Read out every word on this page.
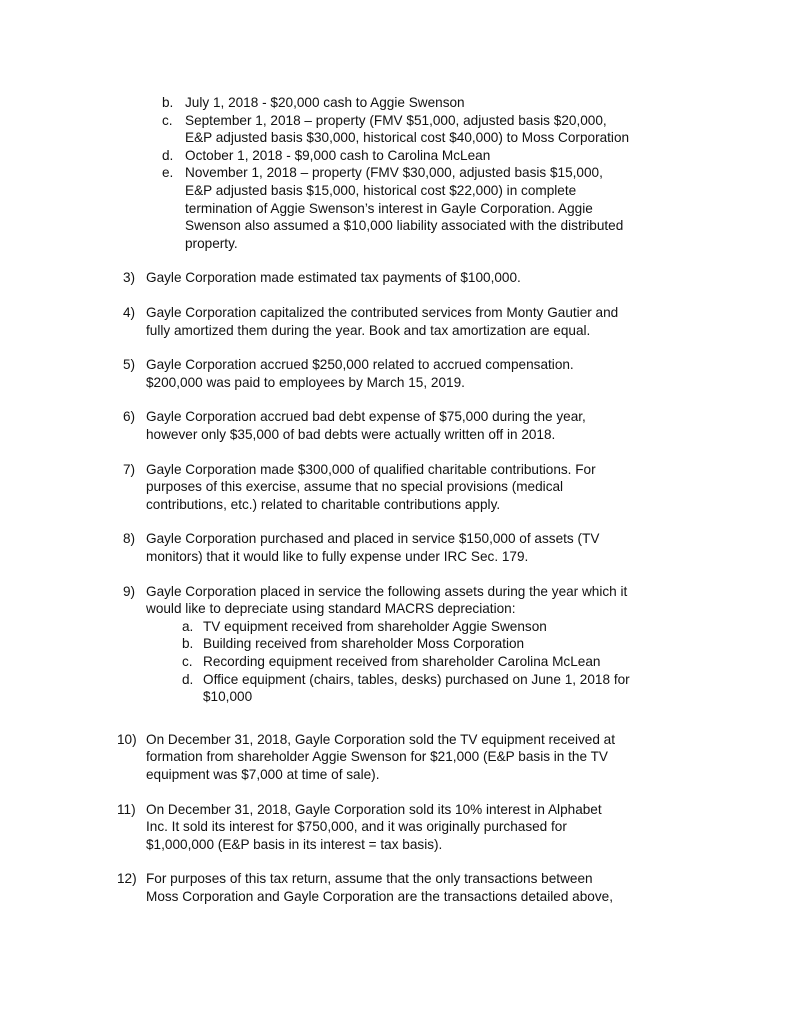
b. July 1, 2018 - $20,000 cash to Aggie Swenson
c. September 1, 2018 – property (FMV $51,000, adjusted basis $20,000,
E&P adjusted basis $30,000, historical cost $40,000) to Moss Corporation
d. October 1, 2018 - $9,000 cash to Carolina McLean
e. November 1, 2018 – property (FMV $30,000, adjusted basis $15,000,
E&P adjusted basis $15,000, historical cost $22,000) in complete
termination of Aggie Swenson’s interest in Gayle Corporation. Aggie
Swenson also assumed a $10,000 liability associated with the distributed
property.
3) Gayle Corporation made estimated tax payments of $100,000.
4) Gayle Corporation capitalized the contributed services from Monty Gautier and
fully amortized them during the year. Book and tax amortization are equal.
5) Gayle Corporation accrued $250,000 related to accrued compensation.
$200,000 was paid to employees by March 15, 2019.
6) Gayle Corporation accrued bad debt expense of $75,000 during the year,
however only $35,000 of bad debts were actually written off in 2018.
7) Gayle Corporation made $300,000 of qualified charitable contributions. For
purposes of this exercise, assume that no special provisions (medical
contributions, etc.) related to charitable contributions apply.
8) Gayle Corporation purchased and placed in service $150,000 of assets (TV
monitors) that it would like to fully expense under IRC Sec. 179.
9) Gayle Corporation placed in service the following assets during the year which it
would like to depreciate using standard MACRS depreciation:
a. TV equipment received from shareholder Aggie Swenson
b. Building received from shareholder Moss Corporation
c. Recording equipment received from shareholder Carolina McLean
d. Office equipment (chairs, tables, desks) purchased on June 1, 2018 for
$10,000
10) On December 31, 2018, Gayle Corporation sold the TV equipment received at
formation from shareholder Aggie Swenson for $21,000 (E&P basis in the TV
equipment was $7,000 at time of sale).
11) On December 31, 2018, Gayle Corporation sold its 10% interest in Alphabet
Inc. It sold its interest for $750,000, and it was originally purchased for
$1,000,000 (E&P basis in its interest = tax basis).
12) For purposes of this tax return, assume that the only transactions between
Moss Corporation and Gayle Corporation are the transactions detailed above,
